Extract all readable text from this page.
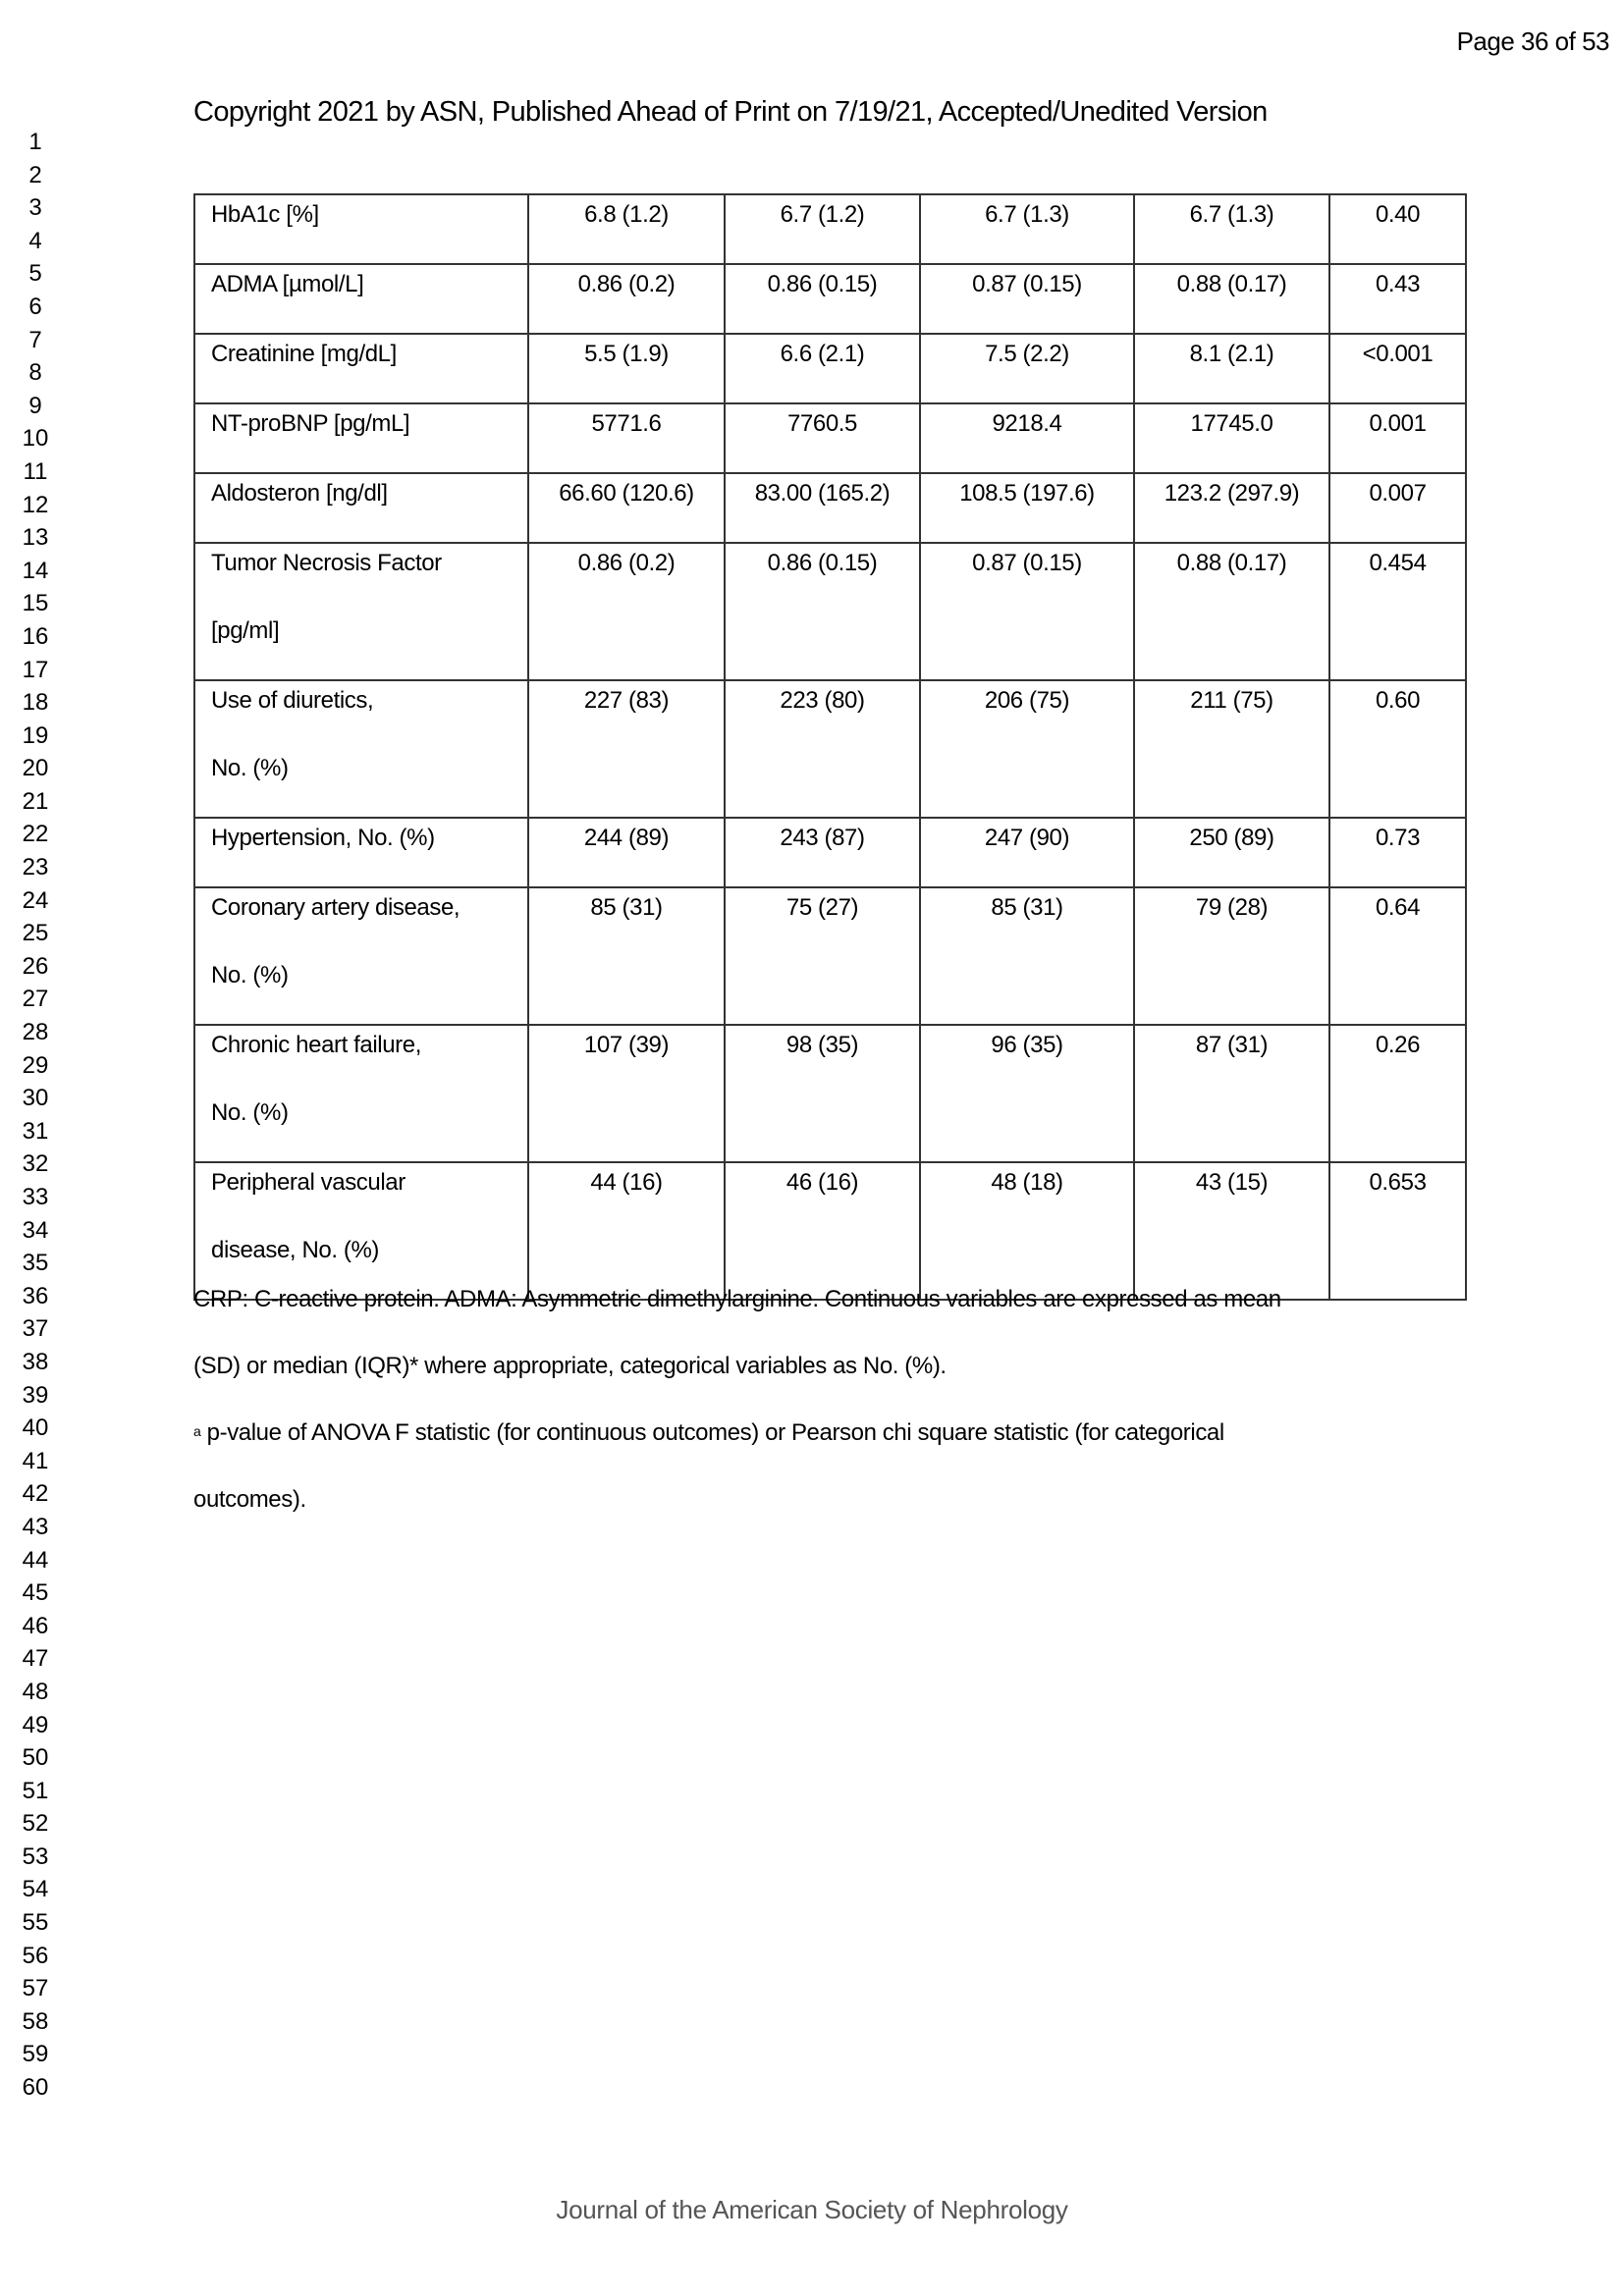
Page 36 of 53
1
2
3
4
5
6
7
8
9
10
11
12
13
14
15
16
17
18
19
20
21
22
23
24
25
26
27
28
29
30
31
32
33
34
35
36
37
38
39
40
41
42
43
44
45
46
47
48
49
50
51
52
53
54
55
56
57
58
59
60
Copyright 2021 by ASN, Published Ahead of Print on 7/19/21, Accepted/Unedited Version
HbA1c [%]	6.8 (1.2)	6.7 (1.2)	6.7 (1.3)	6.7 (1.3)	0.40

ADMA [µmol/L]	0.86 (0.2)	0.86 (0.15)	0.87 (0.15)	0.88 (0.17)	0.43

Creatinine [mg/dL]	5.5 (1.9)	6.6 (2.1)	7.5 (2.2)	8.1 (2.1)	<0.001

NT-proBNP [pg/mL]	5771.6	7760.5	9218.4	17745.0	0.001

Aldosteron [ng/dl]	66.60 (120.6)	83.00 (165.2)	108.5 (197.6)	123.2 (297.9)	0.007

Tumor Necrosis Factor
[pg/ml]	0.86 (0.2)	0.86 (0.15)	0.87 (0.15)	0.88 (0.17)	0.454

Use of diuretics,
No. (%)	227 (83)	223 (80)	206 (75)	211 (75)	0.60

Hypertension, No. (%)	244 (89)	243 (87)	247 (90)	250 (89)	0.73

Coronary artery disease,
No. (%)	85 (31)	75 (27)	85 (31)	79 (28)	0.64

Chronic heart failure,
No. (%)	107 (39)	98 (35)	96 (35)	87 (31)	0.26

Peripheral vascular
disease, No. (%)	44 (16)	46 (16)	48 (18)	43 (15)	0.653

CRP: C-reactive protein. ADMA: Asymmetric dimethylarginine. Continuous variables are expressed as mean

(SD) or median (IQR)* where appropriate, categorical variables as No. (%).

$^a$ p-value of ANOVA F statistic (for continuous outcomes) or Pearson chi square statistic (for categorical

outcomes).

Journal of the American Society of Nephrology
